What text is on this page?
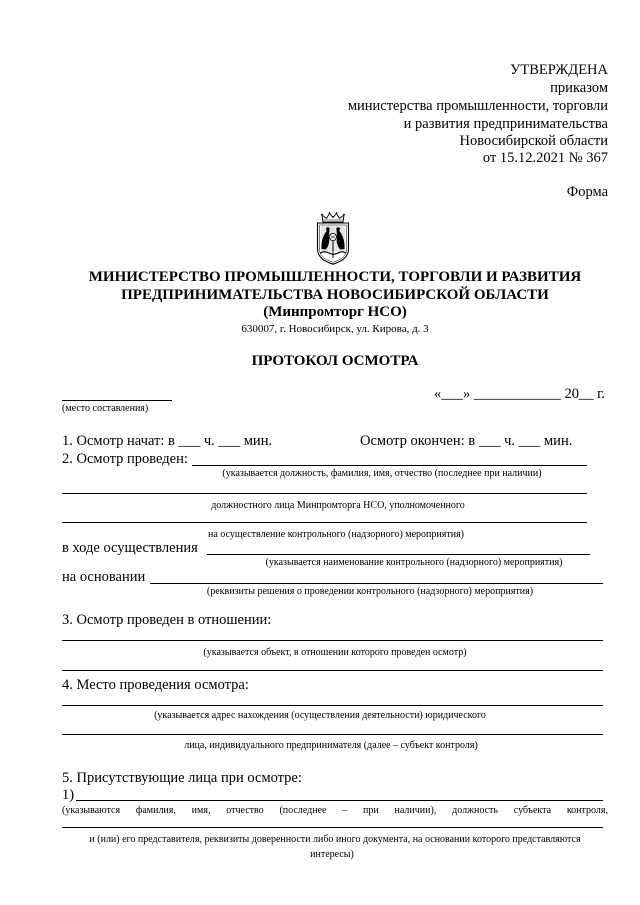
УТВЕРЖДЕНА
приказом
министерства промышленности, торговли
и развития предпринимательства
Новосибирской области
от 15.12.2021 № 367
Форма
МИНИСТЕРСТВО ПРОМЫШЛЕННОСТИ, ТОРГОВЛИ И РАЗВИТИЯ
ПРЕДПРИНИМАТЕЛЬСТВА НОВОСИБИРСКОЙ ОБЛАСТИ
(Минпромторг НСО)
630007, г. Новосибирск, ул. Кирова, д. 3
ПРОТОКОЛ ОСМОТРА
(место составления)
«___» ____________ 20__ г.
1. Осмотр начат: в ___ ч. ___ мин.	Осмотр окончен: в ___ ч. ___ мин.
2. Осмотр проведен:
(указывается должность, фамилия, имя, отчество (последнее при наличии)
должностного лица Минпромторга НСО, уполномоченного
на осуществление контрольного (надзорного) мероприятия)
в ходе осуществления
(указывается наименование контрольного (надзорного) мероприятия)
на основании
(реквизиты решения о проведении контрольного (надзорного) мероприятия)
3. Осмотр проведен в отношении:
(указывается объект, в отношении которого проведен осмотр)
4. Место проведения осмотра:
(указывается адрес нахождения (осуществления деятельности) юридического
лица, индивидуального предпринимателя (далее – субъект контроля)
5. Присутствующие лица при осмотре:
1)
(указываются фамилия, имя, отчество (последнее – при наличии), должность субъекта контроля,
и (или) его представителя, реквизиты доверенности либо иного документа, на основании которого представляются
интересы)
